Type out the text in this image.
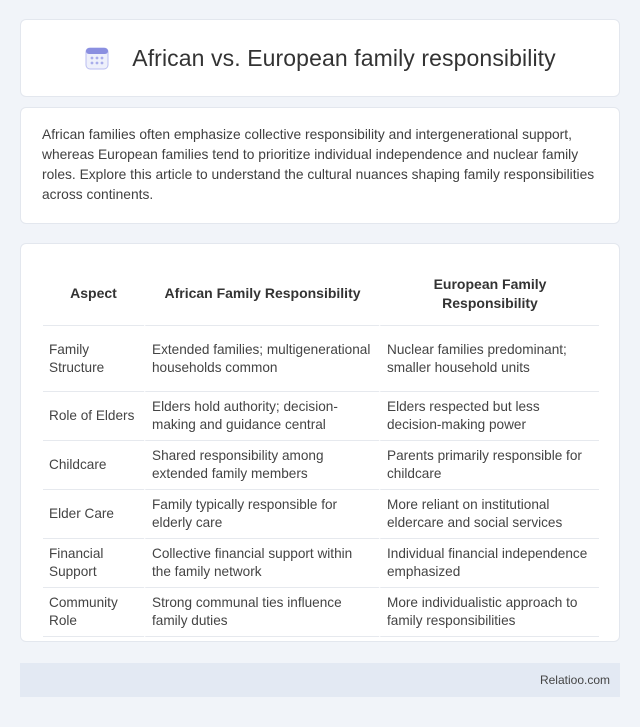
African vs. European family responsibility

African families often emphasize collective responsibility and intergenerational support, whereas European families tend to prioritize individual independence and nuclear family roles. Explore this article to understand the cultural nuances shaping family responsibilities across continents.

Aspect	African Family Responsibility	European Family Responsibility
Family Structure	Extended families; multigenerational households common	Nuclear families predominant; smaller household units
Role of Elders	Elders hold authority; decision-making and guidance central	Elders respected but less decision-making power
Childcare	Shared responsibility among extended family members	Parents primarily responsible for childcare
Elder Care	Family typically responsible for elderly care	More reliant on institutional eldercare and social services
Financial Support	Collective financial support within the family network	Individual financial independence emphasized
Community Role	Strong communal ties influence family duties	More individualistic approach to family responsibilities
Relatioo.com
